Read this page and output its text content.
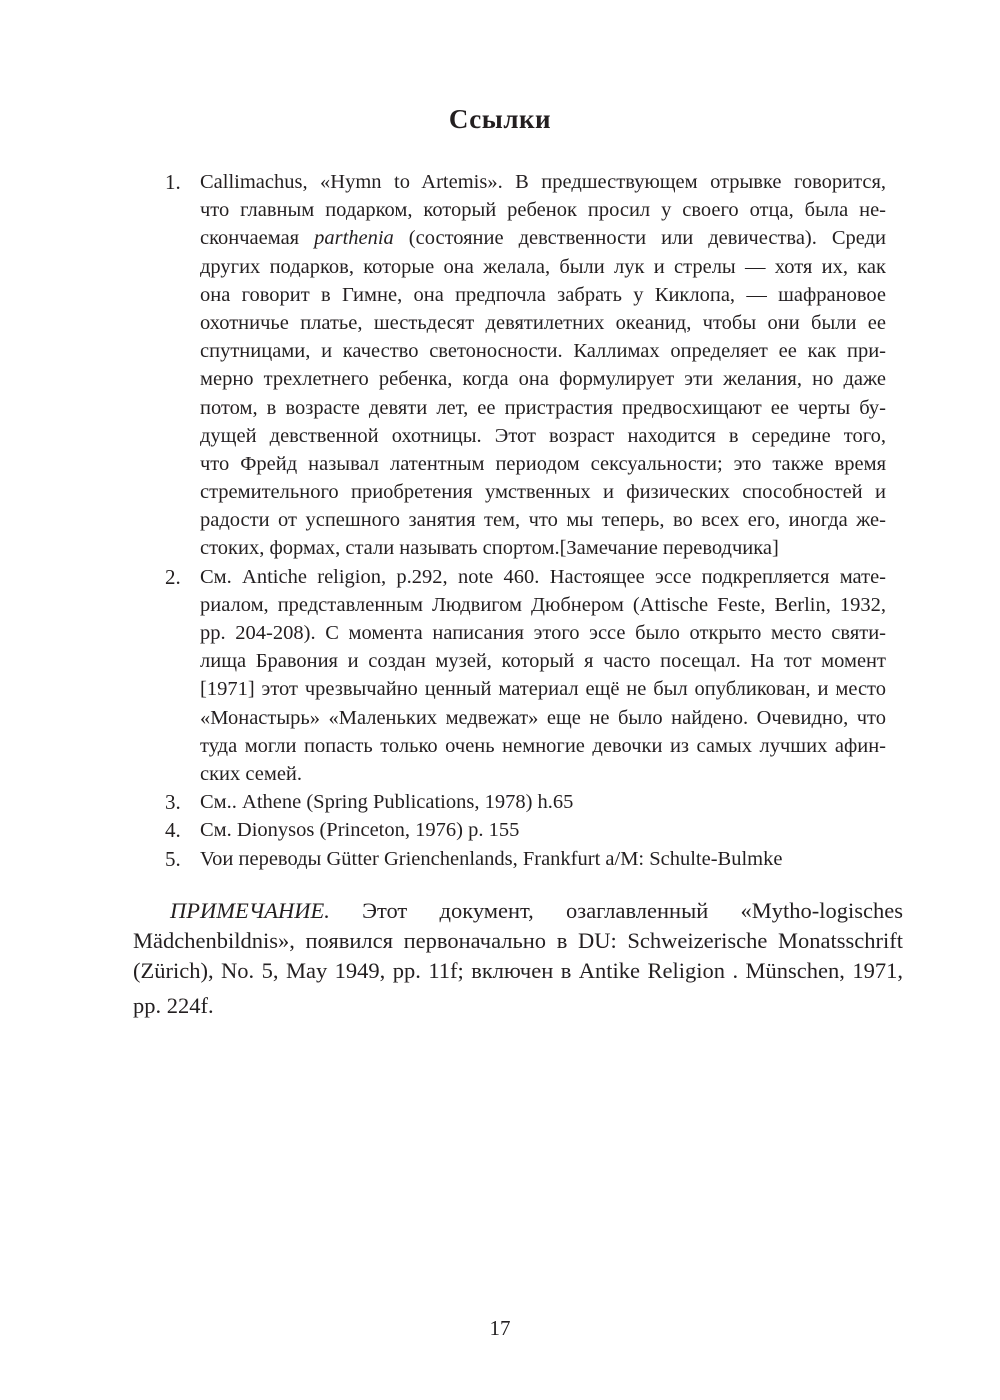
Ссылки
1. Callimachus, «Hymn to Artemis». В предшествующем отрывке говорится,
что главным подарком, который ребенок просил у своего отца, была не-
скончаемая parthenia (состояние девственности или девичества). Среди
других подарков, которые она желала, были лук и стрелы — хотя их, как
она говорит в Гимне, она предпочла забрать у Киклопа, — шафрановое
охотничье платье, шестьдесят девятилетних океанид, чтобы они были ее
спутницами, и качество светоносности. Каллимах определяет ее как при-
мерно трехлетнего ребенка, когда она формулирует эти желания, но даже
потом, в возрасте девяти лет, ее пристрастия предвосхищают ее черты бу-
дущей девственной охотницы. Этот возраст находится в середине того,
что Фрейд называл латентным периодом сексуальности; это также время
стремительного приобретения умственных и физических способностей и
радости от успешного занятия тем, что мы теперь, во всех его, иногда же-
стоких, формах, стали называть спортом.[Замечание переводчика]
2. См. Antiche religion, p.292, note 460. Настоящее эссе подкрепляется мате-
риалом, представленным Людвигом Дюбнером (Attische Feste, Berlin, 1932,
pp. 204-208). С момента написания этого эссе было открыто место святи-
лища Бравония и создан музей, который я часто посещал. На тот момент
[1971] этот чрезвычайно ценный материал ещё не был опубликован, и место
«Монастырь» «Маленьких медвежат» еще не было найдено. Очевидно, что
туда могли попасть только очень немногие девочки из самых лучших афин-
ских семей.
3. См.. Athene (Spring Publications, 1978) h.65
4. См. Dionysos (Princeton, 1976) p. 155
5. Voи переводы Gütter Grienchenlands, Frankfurt a/M: Schulte-Bulmke
ПРИМЕЧАНИЕ. Этот документ, озаглавленный «Mytho-logisches
Mädchenbildnis», появился первоначально в DU: Schweizerische Monatsschrift
(Zürich), No. 5, May 1949, pp. 11f; включен в Antike Religion . Münschen, 1971,
pp. 224f.
17
